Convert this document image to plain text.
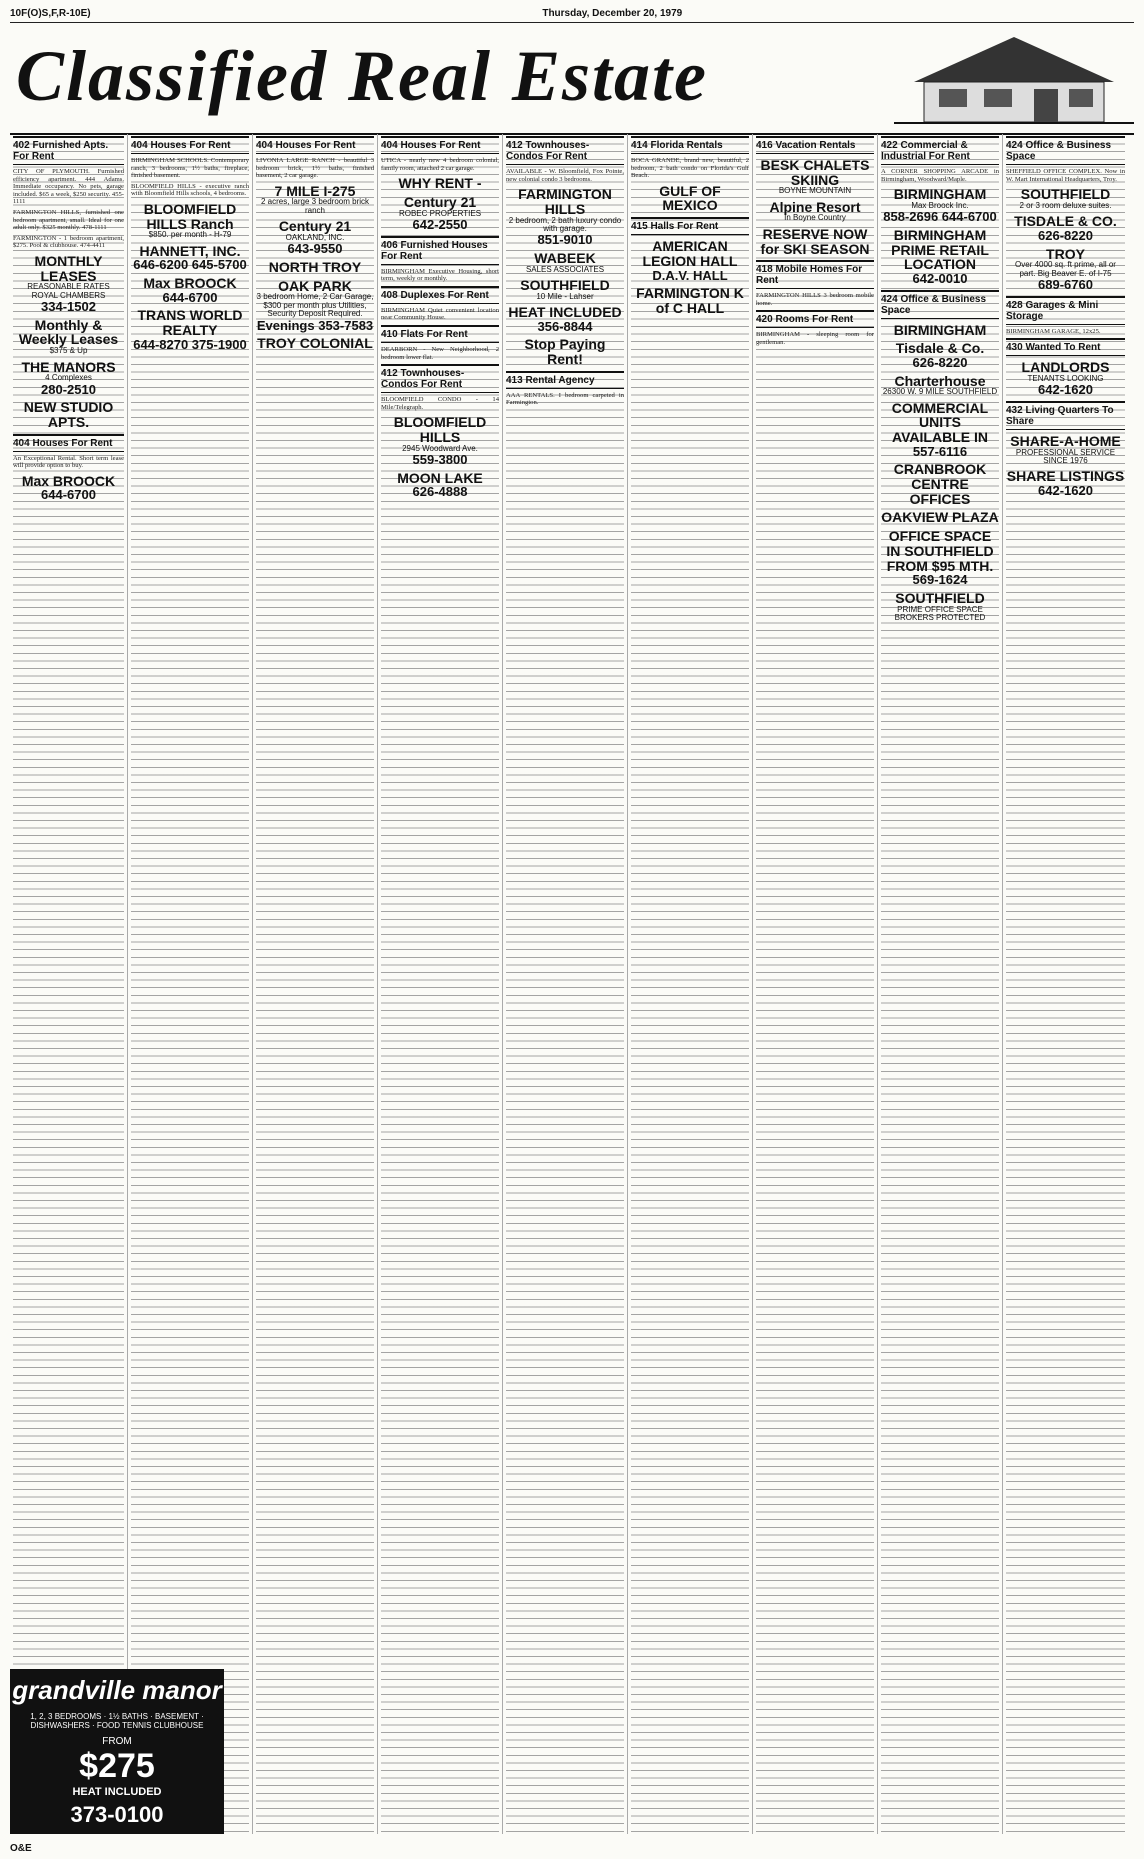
10F(O)S,F,R-10E)	Thursday, December 20, 1979
Classified Real Estate
402 Furnished Apts. For Rent
CITY OF PLYMOUTH. Furnished efficiency apartment. 444 Adams. Immediate occupancy. No pets, garage included. $65 a week, $250 security. 455-1111
FARMINGTON HILLS, furnished one bedroom apartment, small. Ideal for one adult only. $325 monthly. 478-1111
FARMINGTON - 1 bedroom apartment, $275. Pool & clubhouse. 474-4411
MONTHLY LEASES
REASONABLE RATES
ROYAL CHAMBERS
334-1502
Monthly & Weekly Leases
$375 & Up
THE MANORS
4 Complexes
280-2510
NEW STUDIO APTS.
404 Houses For Rent
An Exceptional Rental. Short term lease will provide option to buy.
Max BROOCK
644-6700
404 Houses For Rent
BIRMINGHAM SCHOOLS. Contemporary ranch, 3 bedrooms, 1½ baths, fireplace, finished basement.
BLOOMFIELD HILLS - executive ranch with Bloomfield Hills schools, 4 bedrooms.
BLOOMFIELD HILLS Ranch
$850. per month - H-79
HANNETT, INC.
646-6200 645-5700
Max BROOCK
644-6700
TRANS WORLD REALTY
644-8270 375-1900
404 Houses For Rent
LIVONIA LARGE RANCH - beautiful 3 bedroom brick, 1½ baths, finished basement, 2 car garage.
7 MILE I-275
2 acres, large 3 bedroom brick ranch
Century 21
OAKLAND, INC.
643-9550
NORTH TROY
OAK PARK
3 bedroom Home, 2 Car Garage, $300 per month plus Utilities, Security Deposit Required.
Evenings 353-7583
TROY COLONIAL
404 Houses For Rent
UTICA - nearly new 4 bedroom colonial, family room, attached 2 car garage.
WHY RENT -
Century 21
ROBEC PROPERTIES
642-2550
406 Furnished Houses For Rent
BIRMINGHAM Executive Housing, short term, weekly or monthly.
408 Duplexes For Rent
BIRMINGHAM Quiet convenient location near Community House.
410 Flats For Rent
DEARBORN - New Neighborhood, 2 bedroom lower flat.
412 Townhouses-Condos For Rent
BLOOMFIELD CONDO - 14 Mile/Telegraph.
BLOOMFIELD HILLS
2945 Woodward Ave.
559-3800
MOON LAKE
626-4888
412 Townhouses-Condos For Rent
AVAILABLE - W. Bloomfield, Fox Pointe, new colonial condo 3 bedrooms.
FARMINGTON HILLS
2 bedroom, 2 bath luxury condo with garage.
851-9010
WABEEK
SALES ASSOCIATES
SOUTHFIELD
10 Mile - Lahser
HEAT INCLUDED
356-8844
Stop Paying Rent!
413 Rental Agency
AAA RENTALS. I bedroom carpeted in Farmington.
414 Florida Rentals
BOCA GRANDE, brand new, beautiful, 2 bedroom, 2 bath condo on Florida's Gulf Beach.
GULF OF MEXICO
415 Halls For Rent
AMERICAN LEGION HALL
D.A.V. HALL
FARMINGTON K of C HALL
416 Vacation Rentals
BESK CHALETS SKIING
BOYNE MOUNTAIN
Alpine Resort
In Boyne Country
RESERVE NOW for SKI SEASON
418 Mobile Homes For Rent
FARMINGTON HILLS 3 bedroom mobile home.
420 Rooms For Rent
BIRMINGHAM - sleeping room for gentleman.
422 Commercial & Industrial For Rent
A CORNER SHOPPING ARCADE in Birmingham, Woodward/Maple.
BIRMINGHAM
Max Broock Inc.
858-2696 644-6700
BIRMINGHAM PRIME RETAIL LOCATION
642-0010
424 Office & Business Space
BIRMINGHAM
Tisdale & Co.
626-8220
Charterhouse
26300 W. 9 MILE SOUTHFIELD
COMMERCIAL UNITS AVAILABLE IN
557-6116
CRANBROOK CENTRE OFFICES
OAKVIEW PLAZA
OFFICE SPACE IN SOUTHFIELD FROM $95 MTH.
569-1624
SOUTHFIELD
PRIME OFFICE SPACE BROKERS PROTECTED
424 Office & Business Space
SHEFFIELD OFFICE COMPLEX. Now in W. Mart International Headquarters, Troy.
SOUTHFIELD
2 or 3 room deluxe suites.
TISDALE & CO.
626-8220
TROY
Over 4000 sq. ft prime, all or part. Big Beaver E. of I-75
689-6760
428 Garages & Mini Storage
BIRMINGHAM GARAGE, 12x25.
430 Wanted To Rent
LANDLORDS
TENANTS LOOKING
642-1620
432 Living Quarters To Share
SHARE-A-HOME
PROFESSIONAL SERVICE SINCE 1976
SHARE LISTINGS
642-1620
grandville manor
1, 2, 3 BEDROOMS · 1½ BATHS · BASEMENT · DISHWASHERS · FOOD TENNIS CLUBHOUSE
FROM
$275
HEAT INCLUDED
373-0100
O&E
